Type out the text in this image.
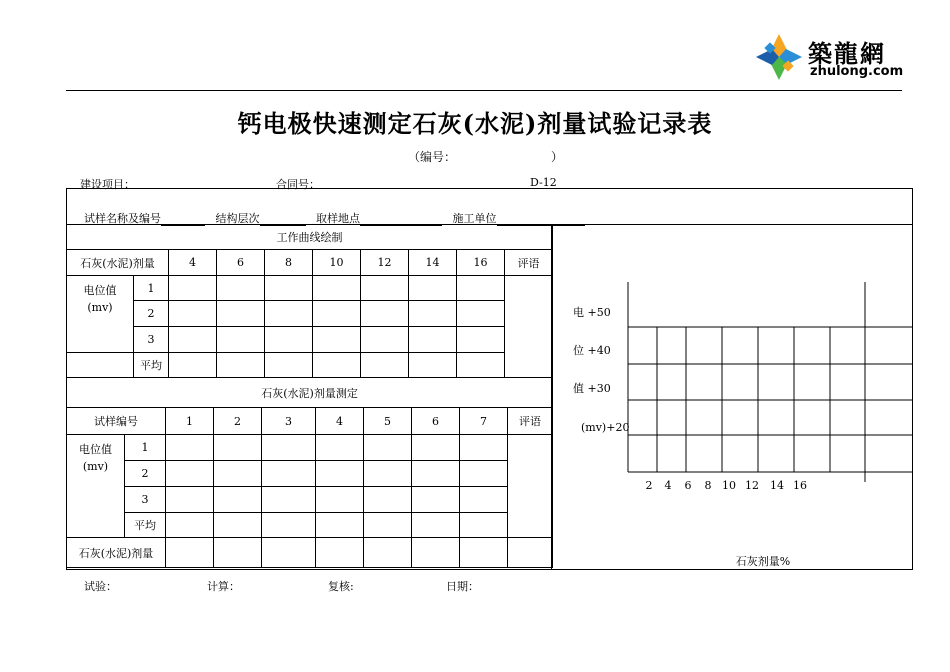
築龍網
zhulong.com
钙电极快速测定石灰(水泥)剂量试验记录表
（编号：	）
建设项目：	合同号：	D-12
试样名称及编号	结构层次	取样地点	施工单位
工作曲线绘制									
石灰(水泥)剂量		4	6	8	10	12	14	16	评语

电位值
(mv)	1								
	2								
	3								
	平均								
石灰(水泥)剂量测定									
试样编号		1	2	3	4	5	6	7	评语

电位值
(mv)	1								
	2								
	3								
	平均								
石灰(水泥)剂量									
电 +50
位 +40
值 +30
(mv)+20
2 4 6 8 10 12 14 16
石灰剂量%
试验：	计算：	复核:	日期：
